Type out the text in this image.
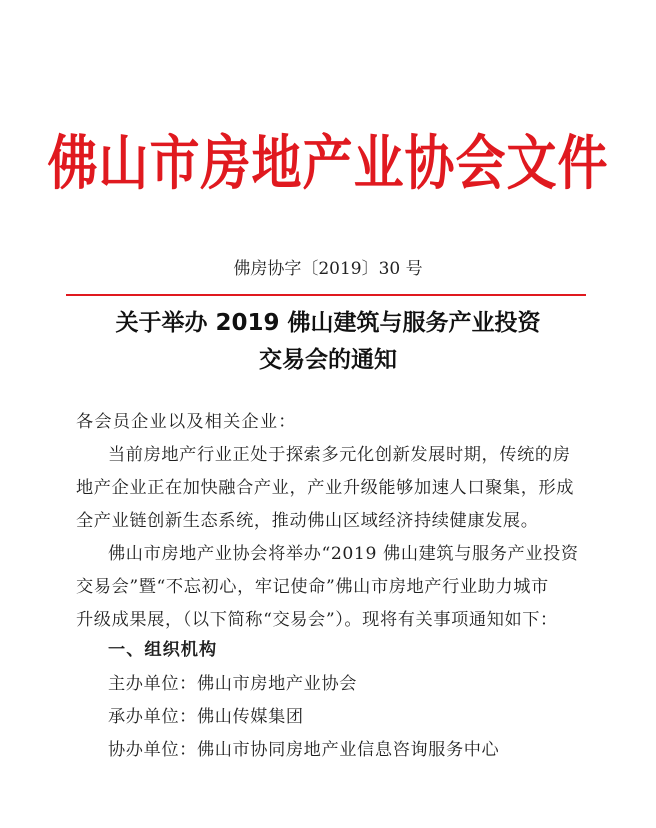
佛山市房地产业协会文件
佛房协字〔2019〕30 号
关于举办 2019 佛山建筑与服务产业投资
交易会的通知
各会员企业以及相关企业：
当前房地产行业正处于探索多元化创新发展时期，传统的房
地产企业正在加快融合产业，产业升级能够加速人口聚集，形成
全产业链创新生态系统，推动佛山区域经济持续健康发展。
佛山市房地产业协会将举办“2019 佛山建筑与服务产业投资
交易会”暨“不忘初心，牢记使命”佛山市房地产行业助力城市
升级成果展，（以下简称“交易会”）。现将有关事项通知如下：
一、组织机构
主办单位：佛山市房地产业协会
承办单位：佛山传媒集团
协办单位：佛山市协同房地产业信息咨询服务中心
